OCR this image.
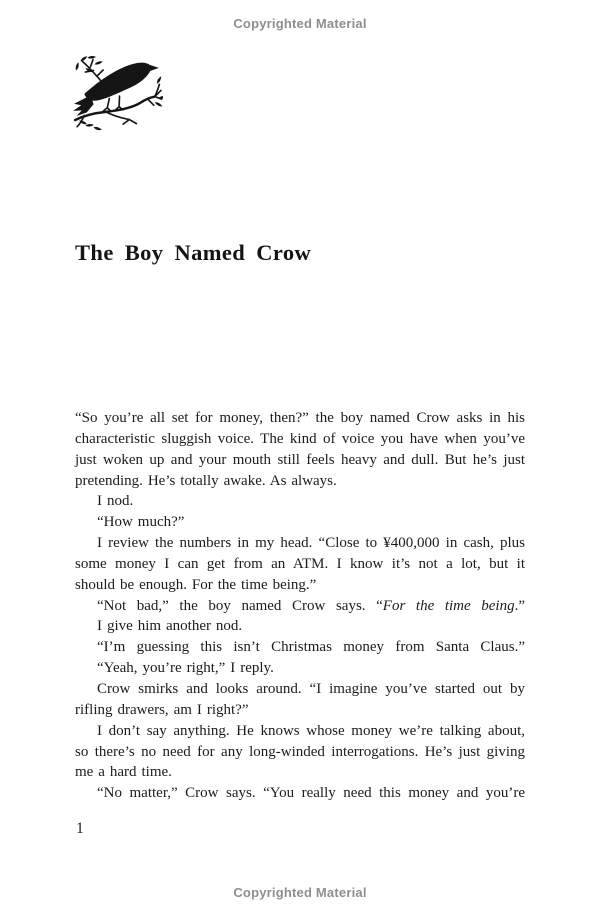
Copyrighted Material
The Boy Named Crow
“So you’re all set for money, then?” the boy named Crow asks in his
characteristic sluggish voice. The kind of voice you have when you’ve
just woken up and your mouth still feels heavy and dull. But he’s just
pretending. He’s totally awake. As always.
I nod.
“How much?”
I review the numbers in my head. “Close to ¥400,000 in cash, plus
some money I can get from an ATM. I know it’s not a lot, but it
should be enough. For the time being.”
“Not bad,” the boy named Crow says. “For the time being.”
I give him another nod.
“I’m guessing this isn’t Christmas money from Santa Claus.”
“Yeah, you’re right,” I reply.
Crow smirks and looks around. “I imagine you’ve started out by
rifling drawers, am I right?”
I don’t say anything. He knows whose money we’re talking about,
so there’s no need for any long-winded interrogations. He’s just giving
me a hard time.
“No matter,” Crow says. “You really need this money and you’re
1
Copyrighted Material
